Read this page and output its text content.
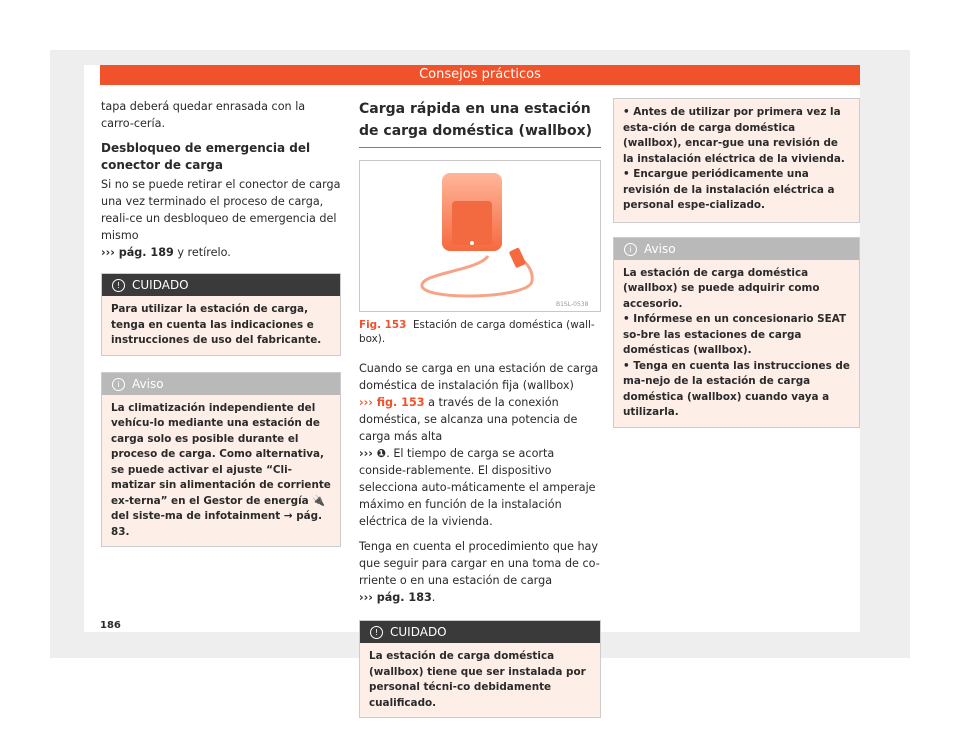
Consejos prácticos

tapa deberá quedar enrasada con la carro-cería.

Desbloqueo de emergencia del conector de carga

Si no se puede retirar el conector de carga una vez terminado el proceso de carga, reali-ce un desbloqueo de emergencia del mismo
››› pág. 189 y retírelo.

! CUIDADO

Para utilizar la estación de carga, tenga en cuenta las indicaciones e instrucciones de uso del fabricante.

i Aviso

La climatización independiente del vehícu-lo mediante una estación de carga solo es posible durante el proceso de carga. Como alternativa, se puede activar el ajuste “Cli-matizar sin alimentación de corriente ex-terna” en el Gestor de energía 🔌 del siste-ma de infotainment → pág. 83.

Carga rápida en una estación de carga doméstica (wallbox)
B1SL-0538
Fig. 153 Estación de carga doméstica (wall-box).

Cuando se carga en una estación de carga doméstica de instalación fija (wallbox)
››› fig. 153 a través de la conexión doméstica, se alcanza una potencia de carga más alta
››› ❶. El tiempo de carga se acorta conside-rablemente. El dispositivo selecciona auto-máticamente el amperaje máximo en función de la instalación eléctrica de la vivienda.

Tenga en cuenta el procedimiento que hay que seguir para cargar en una toma de co-rriente o en una estación de carga
››› pág. 183.

! CUIDADO

La estación de carga doméstica (wallbox) tiene que ser instalada por personal técni-co debidamente cualificado.

• Antes de utilizar por primera vez la esta-ción de carga doméstica (wallbox), encar-gue una revisión de la instalación eléctrica de la vivienda.

• Encargue periódicamente una revisión de la instalación eléctrica a personal espe-cializado.

i Aviso

La estación de carga doméstica (wallbox) se puede adquirir como accesorio.

• Infórmese en un concesionario SEAT so-bre las estaciones de carga domésticas (wallbox).

• Tenga en cuenta las instrucciones de ma-nejo de la estación de carga doméstica (wallbox) cuando vaya a utilizarla.

186
